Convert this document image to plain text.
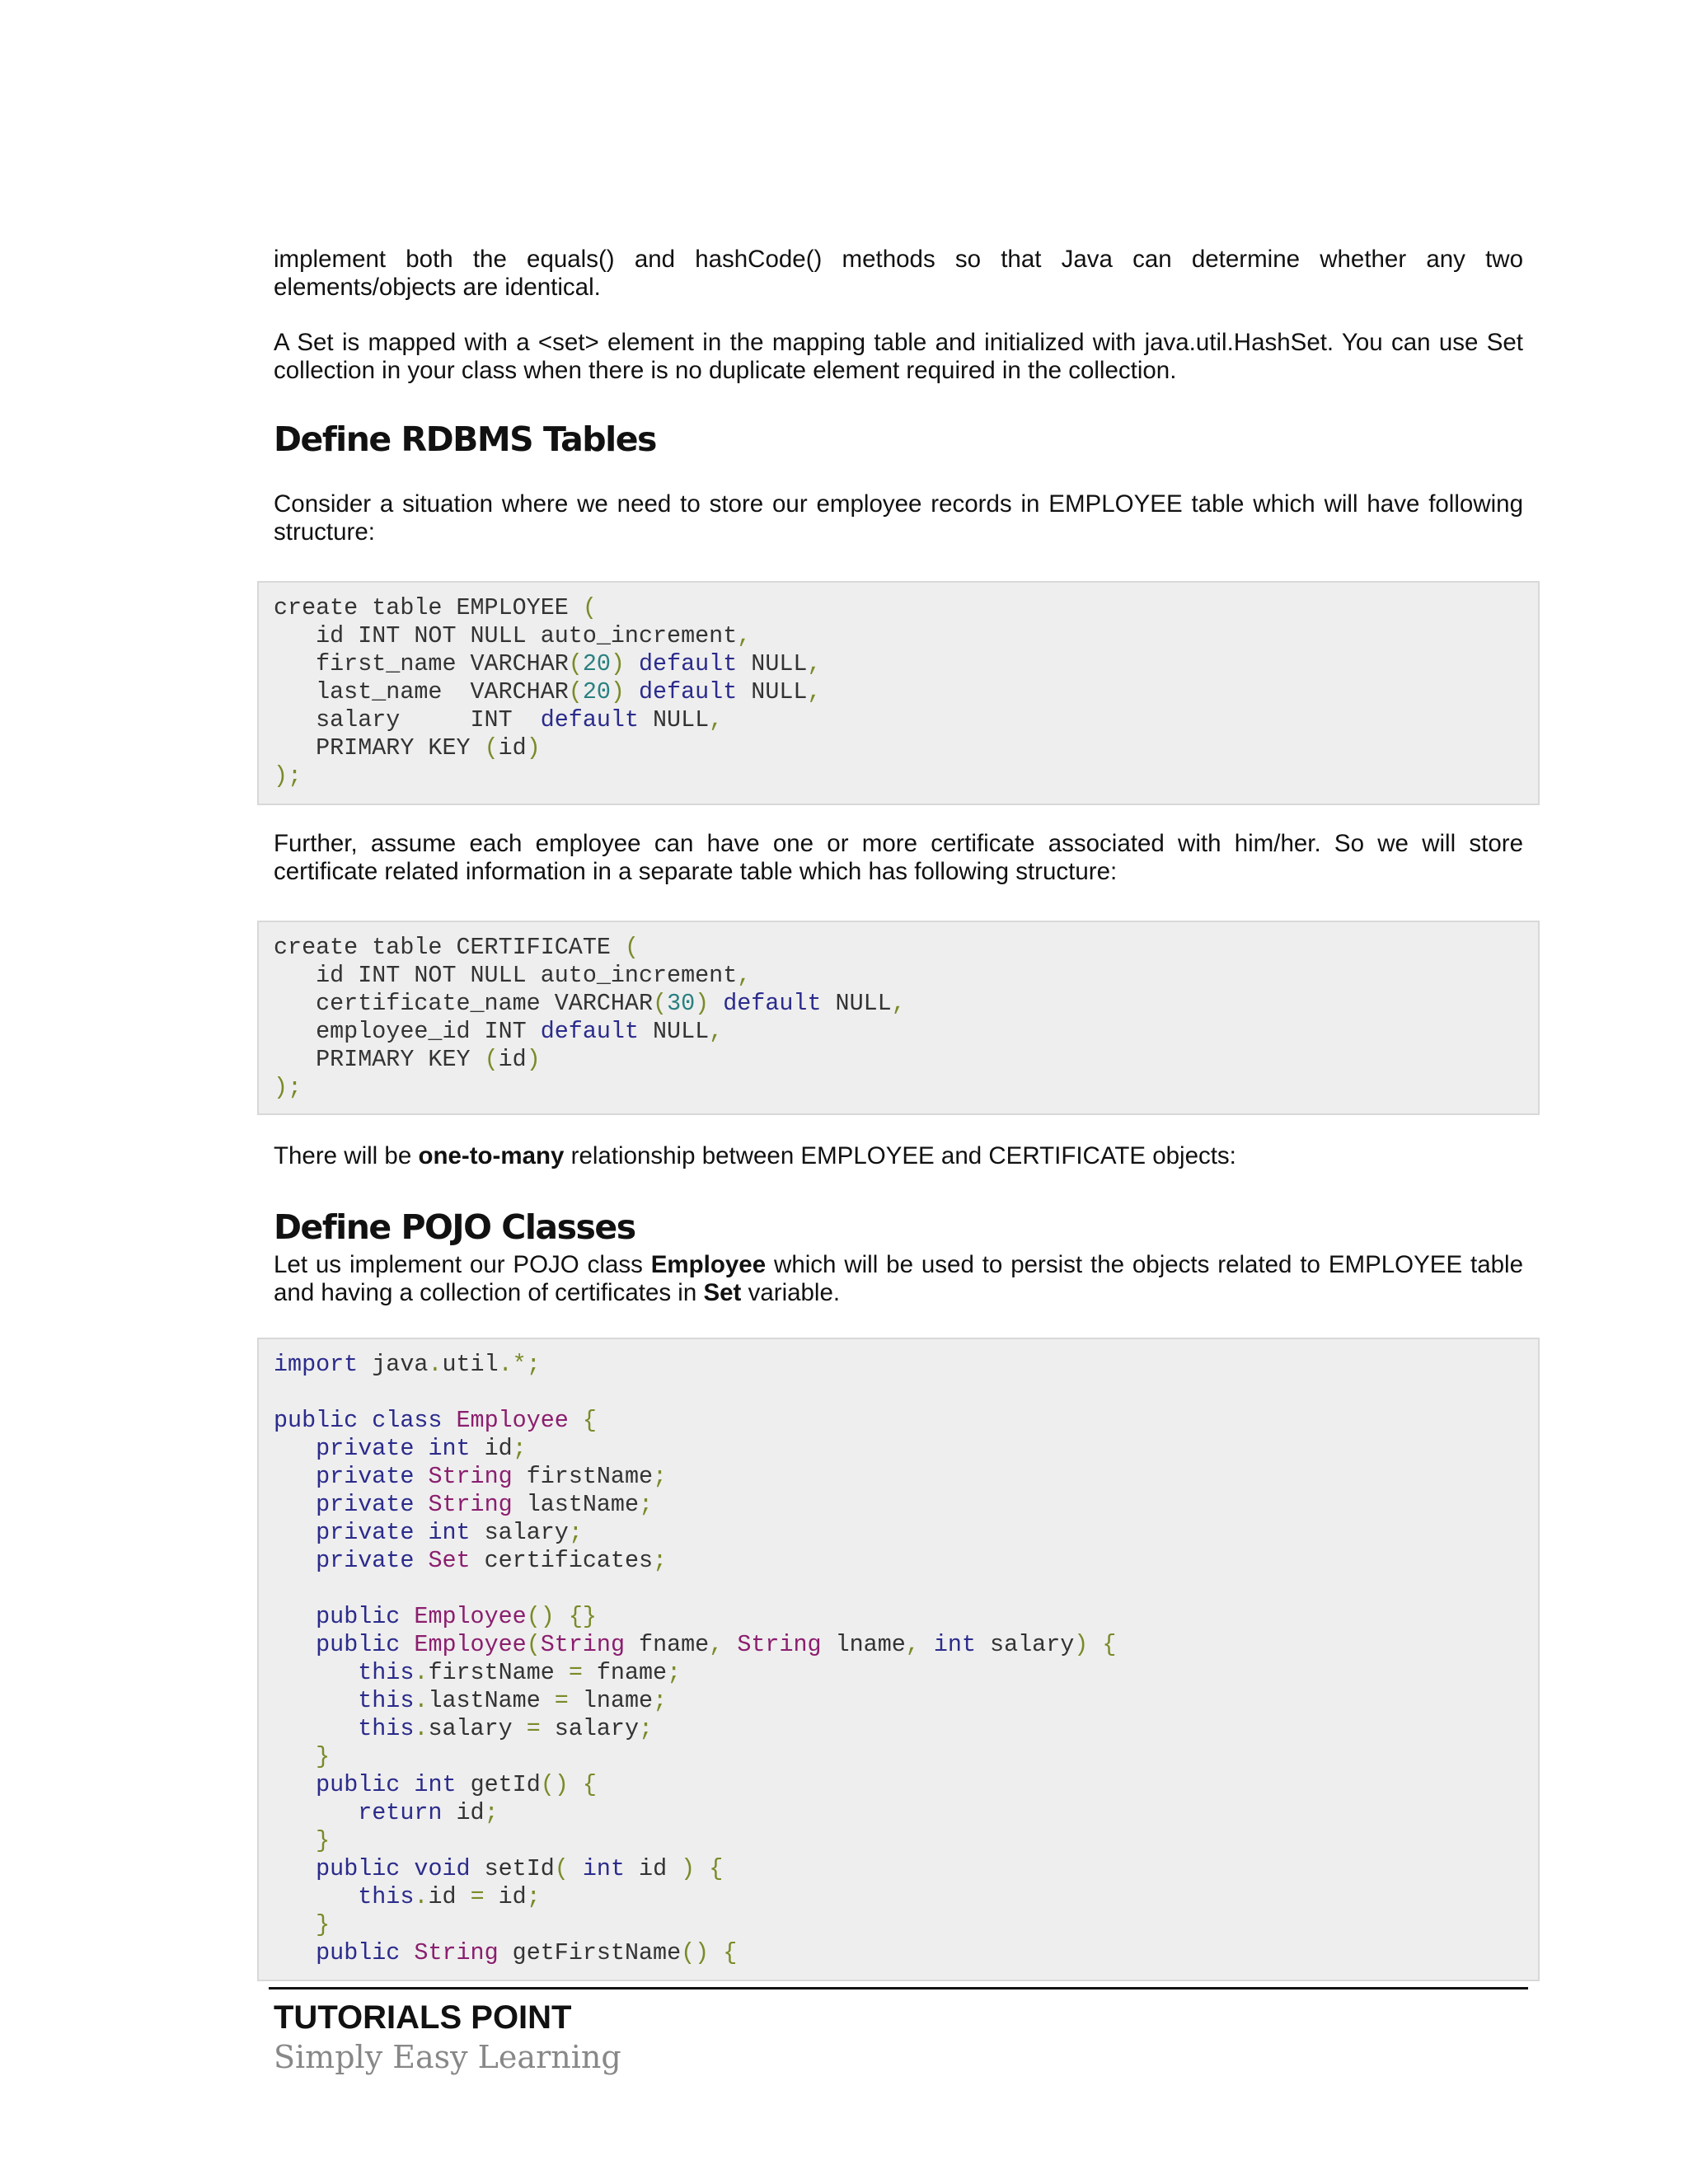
implement both the equals() and hashCode() methods so that Java can determine whether any two elements/objects are identical.
A Set is mapped with a <set> element in the mapping table and initialized with java.util.HashSet. You can use Set collection in your class when there is no duplicate element required in the collection.
Define RDBMS Tables
Consider a situation where we need to store our employee records in EMPLOYEE table which will have following structure:
create table EMPLOYEE (
id INT NOT NULL auto_increment,
first_name VARCHAR(20) default NULL,
last_name  VARCHAR(20) default NULL,
salary     INT  default NULL,
PRIMARY KEY (id)
);
Further, assume each employee can have one or more certificate associated with him/her. So we will store certificate related information in a separate table which has following structure:
create table CERTIFICATE (
id INT NOT NULL auto_increment,
certificate_name VARCHAR(30) default NULL,
employee_id INT default NULL,
PRIMARY KEY (id)
);
There will be one-to-many relationship between EMPLOYEE and CERTIFICATE objects:
Define POJO Classes
Let us implement our POJO class Employee which will be used to persist the objects related to EMPLOYEE table and having a collection of certificates in Set variable.
import java.util.*;
public class Employee {
private int id;
private String firstName;
private String lastName;
private int salary;
private Set certificates;
public Employee() {}
public Employee(String fname, String lname, int salary) {
this.firstName = fname;
this.lastName = lname;
this.salary = salary;
}
public int getId() {
return id;
}
public void setId( int id ) {
this.id = id;
}
public String getFirstName() {
TUTORIALS POINT
Simply Easy Learning
